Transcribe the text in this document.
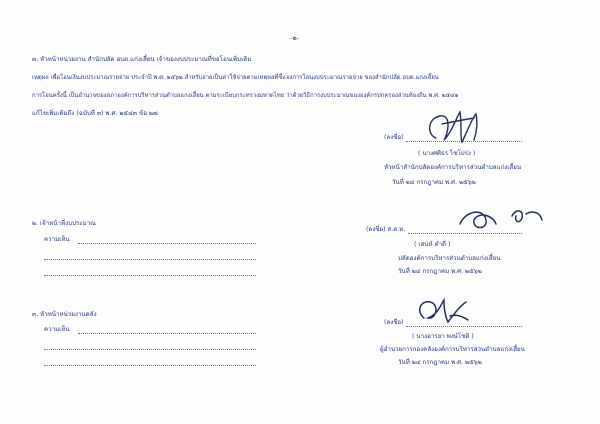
-๒-
๓. หัวหน้าหน่วยงาน สำนักปลัด อบต.แก่งเสี้ยน เจ้าของงบประมาณที่ขอโอนเพิ่มเติม
เหตุผล เพื่อโอนเงินงบประมาณรายจ่าย ประจำปี พ.ศ. ๒๕๖๒ สำหรับจ่ายเป็นค่าใช้จ่ายตามเหตุผลที่ชี้แจงการโอนงบประมาณรายจ่าย ของสำนักปลัด อบต.แก่งเสี้ยน
การโอนครั้งนี้ เป็นอำนาจของสภาองค์การบริหารส่วนตำบลแก่งเสี้ยน ตามระเบียบกระทรวงมหาดไทย ว่าด้วยวิธีการงบประมาณขององค์กรปกครองส่วนท้องถิ่น พ.ศ. ๒๕๔๑
แก้ไขเพิ่มเติมถึง (ฉบับที่ ๓) พ.ศ. ๒๕๔๓ ข้อ ๒๗
(ลงชื่อ)
( นางศศิธร ไชโปร่ง )
หัวหน้าสำนักปลัดองค์การบริหารส่วนตำบลแก่งเสี้ยน
วันที่ ๒๔ กรกฎาคม พ.ศ. ๒๕๖๒
๒. เจ้าหน้าที่งบประมาณ
ความเห็น
(ลงชื่อ) ส.ต.ท.
( เสน่ห์ ดำดี )
ปลัดองค์การบริหารส่วนตำบลแก่งเสี้ยน
วันที่ ๒๔ กรกฎาคม พ.ศ. ๒๕๖๒
๓. หัวหน้าหน่วยงานคลัง
ความเห็น
(ลงชื่อ)
( นางอารยา พงษ์โชติ )
ผู้อำนวยการกองคลังองค์การบริหารส่วนตำบลแก่งเสี้ยน
วันที่ ๒๔ กรกฎาคม พ.ศ. ๒๕๖๒
